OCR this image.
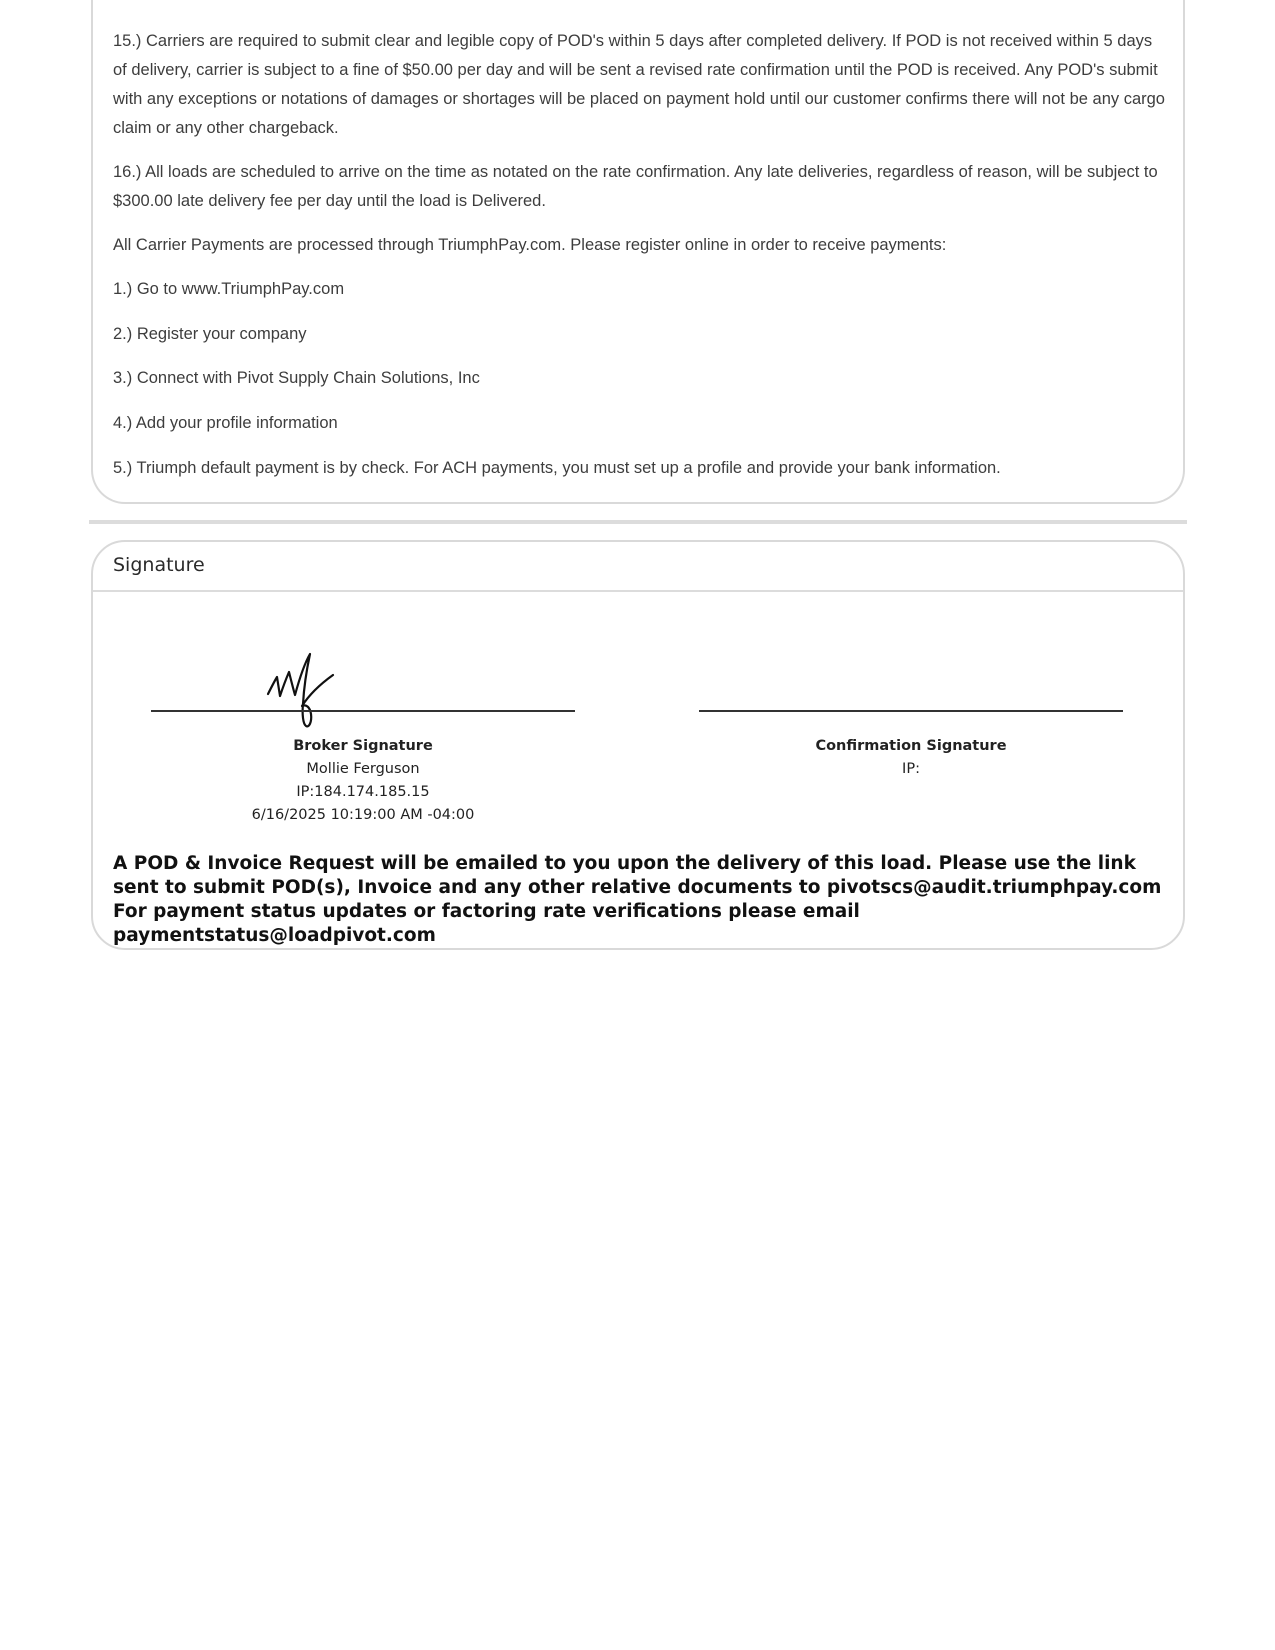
15.) Carriers are required to submit clear and legible copy of POD's within 5 days after completed delivery. If POD is not received within 5 days of delivery, carrier is subject to a fine of $50.00 per day and will be sent a revised rate confirmation until the POD is received. Any POD's submit with any exceptions or notations of damages or shortages will be placed on payment hold until our customer confirms there will not be any cargo claim or any other chargeback.

16.) All loads are scheduled to arrive on the time as notated on the rate confirmation. Any late deliveries, regardless of reason, will be subject to $300.00 late delivery fee per day until the load is Delivered.

All Carrier Payments are processed through TriumphPay.com. Please register online in order to receive payments:

1.) Go to www.TriumphPay.com

2.) Register your company

3.) Connect with Pivot Supply Chain Solutions, Inc

4.) Add your profile information

5.) Triumph default payment is by check. For ACH payments, you must set up a profile and provide your bank information.

Signature
Broker Signature
Mollie Ferguson
IP:184.174.185.15
6/16/2025 10:19:00 AM -04:00
Confirmation Signature
IP:

A POD & Invoice Request will be emailed to you upon the delivery of this load. Please use the link sent to submit POD(s), Invoice and any other relative documents to pivotscs@audit.triumphpay.com For payment status updates or factoring rate verifications please email paymentstatus@loadpivot.com
